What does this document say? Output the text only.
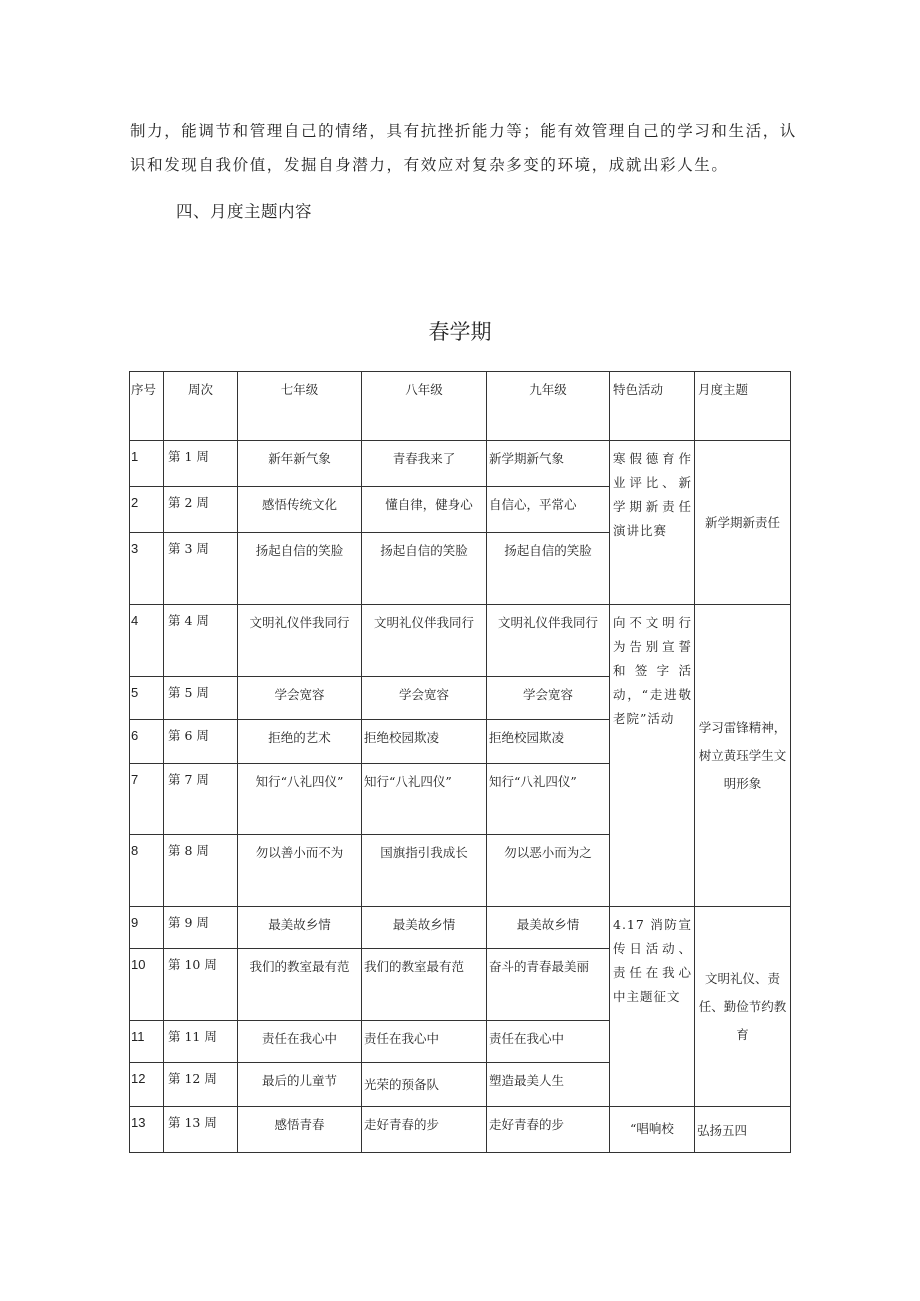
制力，能调节和管理自己的情绪，具有抗挫折能力等；能有效管理自己的学习和生活，认
识和发现自我价值，发掘自身潜力，有效应对复杂多变的环境，成就出彩人生。
四、月度主题内容
春学期
序号	周次	七年级	八年级	九年级	特色活动	月度主题
1	第 1 周	新年新气象	青春我来了	新学期新气象	寒假德育作业评比、新学期新责任演讲比赛	新学期新责任
2	第 2 周	感悟传统文化	懂自律，健身心	自信心，平常心		
3	第 3 周	扬起自信的笑脸	扬起自信的笑脸	扬起自信的笑脸		
4	第 4 周	文明礼仪伴我同行	文明礼仪伴我同行	文明礼仪伴我同行	向不文明行为告别宣誓和签字活动，“走进敬老院”活动	学习雷锋精神，树立黄珏学生文明形象
5	第 5 周	学会宽容	学会宽容	学会宽容		
6	第 6 周	拒绝的艺术	拒绝校园欺凌	拒绝校园欺凌		
7	第 7 周	知行“八礼四仪”	知行“八礼四仪”	知行“八礼四仪”		
8	第 8 周	勿以善小而不为	国旗指引我成长	勿以恶小而为之		
9	第 9 周	最美故乡情	最美故乡情	最美故乡情	4.17 消防宣传日活动、责任在我心中主题征文	文明礼仪、责任、勤俭节约教育
10	第 10 周	我们的教室最有范	我们的教室最有范	奋斗的青春最美丽		
11	第 11 周	责任在我心中	责任在我心中	责任在我心中		
12	第 12 周	最后的儿童节	光荣的预备队	塑造最美人生		
13	第 13 周	感悟青春	走好青春的步	走好青春的步	“唱响校	弘扬五四
